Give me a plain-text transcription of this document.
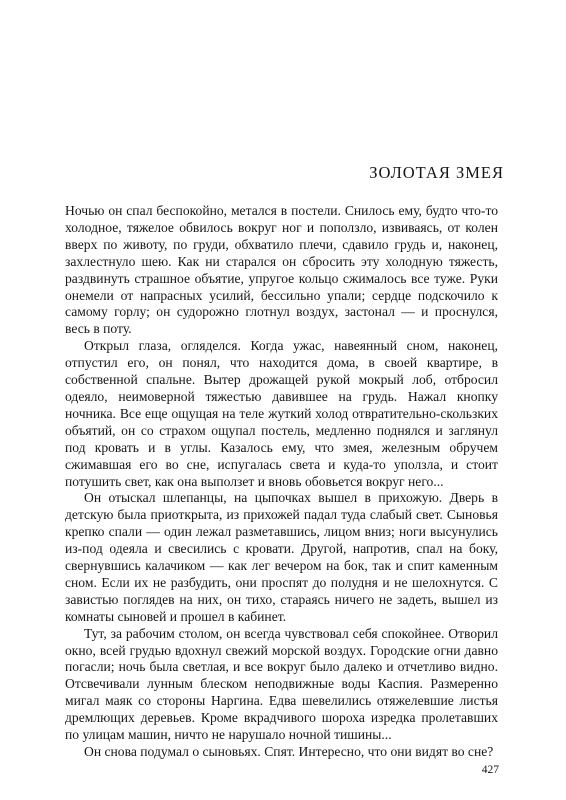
ЗОЛОТАЯ ЗМЕЯ

Ночью он спал беспокойно, метался в постели. Снилось ему, будто что-то холодное, тяжелое обвилось вокруг ног и поползло, извиваясь, от колен вверх по животу, по груди, обхватило плечи, сдавило грудь и, наконец, захлестнуло шею. Как ни старался он сбросить эту холодную тяжесть, раздвинуть страшное объятие, упругое кольцо сжималось все туже. Руки онемели от напрасных усилий, бессильно упали; сердце подскочило к самому горлу; он судорожно глотнул воздух, застонал — и проснулся, весь в поту.

Открыл глаза, огляделся. Когда ужас, навеянный сном, наконец, отпустил его, он понял, что находится дома, в своей квартире, в собственной спальне. Вытер дрожащей рукой мокрый лоб, отбросил одеяло, неимоверной тяжестью давившее на грудь. Нажал кнопку ночника. Все еще ощущая на теле жуткий холод отвратительно-скользких объятий, он со страхом ощупал постель, медленно поднялся и заглянул под кровать и в углы. Казалось ему, что змея, железным обручем сжимавшая его во сне, испугалась света и куда-то уползла, и стоит потушить свет, как она выползет и вновь обовьется вокруг него...

Он отыскал шлепанцы, на цыпочках вышел в прихожую. Дверь в детскую была приоткрыта, из прихожей падал туда слабый свет. Сыновья крепко спали — один лежал разметавшись, лицом вниз; ноги высунулись из-под одеяла и свесились с кровати. Другой, напротив, спал на боку, свернувшись калачиком — как лег вечером на бок, так и спит каменным сном. Если их не разбудить, они проспят до полудня и не шелохнутся. С завистью поглядев на них, он тихо, стараясь ничего не задеть, вышел из комнаты сыновей и прошел в кабинет.

Тут, за рабочим столом, он всегда чувствовал себя спокойнее. Отворил окно, всей грудью вдохнул свежий морской воздух. Городские огни давно погасли; ночь была светлая, и все вокруг было далеко и отчетливо видно. Отсвечивали лунным блеском неподвижные воды Каспия. Размеренно мигал маяк со стороны Наргина. Едва шевелились отяжелевшие листья дремлющих деревьев. Кроме вкрадчивого шороха изредка пролетавших по улицам машин, ничто не нарушало ночной тишины...

Он снова подумал о сыновьях. Спят. Интересно, что они видят во сне?

427
